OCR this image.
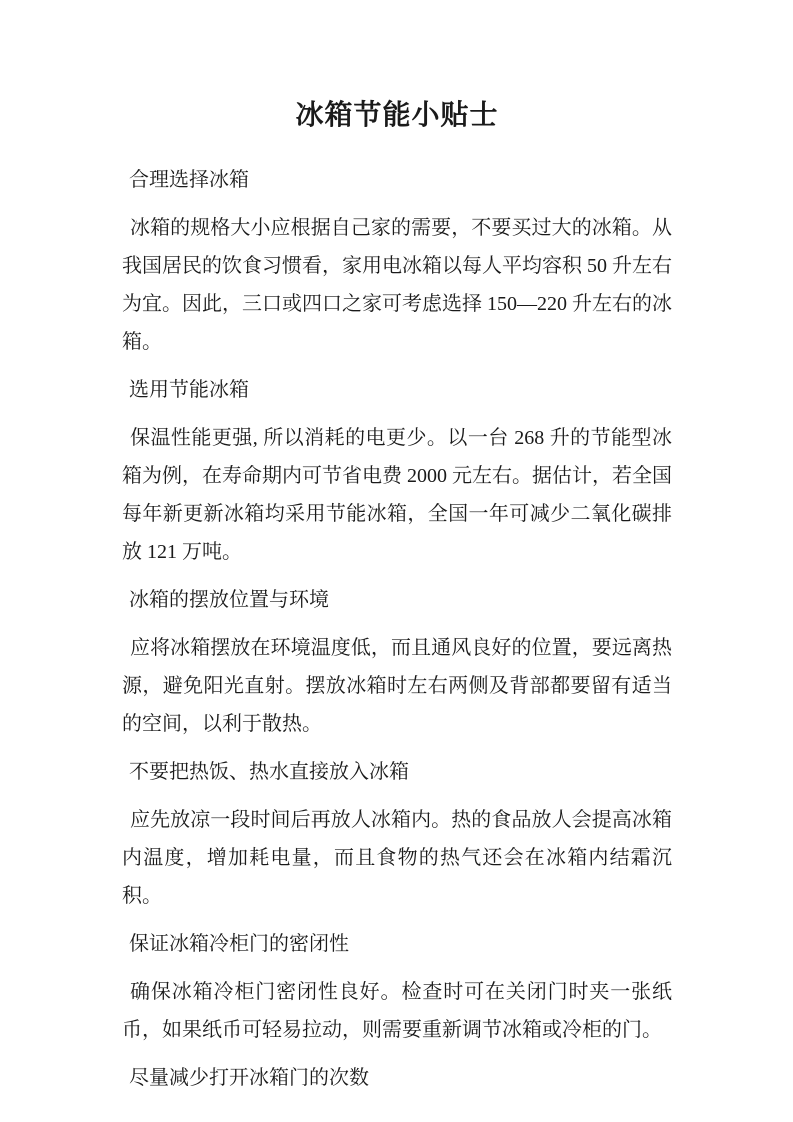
冰箱节能小贴士

合理选择冰箱

冰箱的规格大小应根据自己家的需要，不要买过大的冰箱。从我国居民的饮食习惯看，家用电冰箱以每人平均容积 50 升左右为宜。因此，三口或四口之家可考虑选择 150—220 升左右的冰箱。

选用节能冰箱

保温性能更强, 所以消耗的电更少。以一台 268 升的节能型冰箱为例，在寿命期内可节省电费 2000 元左右。据估计，若全国每年新更新冰箱均采用节能冰箱，全国一年可减少二氧化碳排放 121 万吨。

冰箱的摆放位置与环境

应将冰箱摆放在环境温度低，而且通风良好的位置，要远离热源，避免阳光直射。摆放冰箱时左右两侧及背部都要留有适当的空间，以利于散热。

不要把热饭、热水直接放入冰箱

应先放凉一段时间后再放人冰箱内。热的食品放人会提高冰箱内温度，增加耗电量，而且食物的热气还会在冰箱内结霜沉积。

保证冰箱冷柜门的密闭性

确保冰箱冷柜门密闭性良好。检查时可在关闭门时夹一张纸币，如果纸币可轻易拉动，则需要重新调节冰箱或冷柜的门。

尽量减少打开冰箱门的次数
